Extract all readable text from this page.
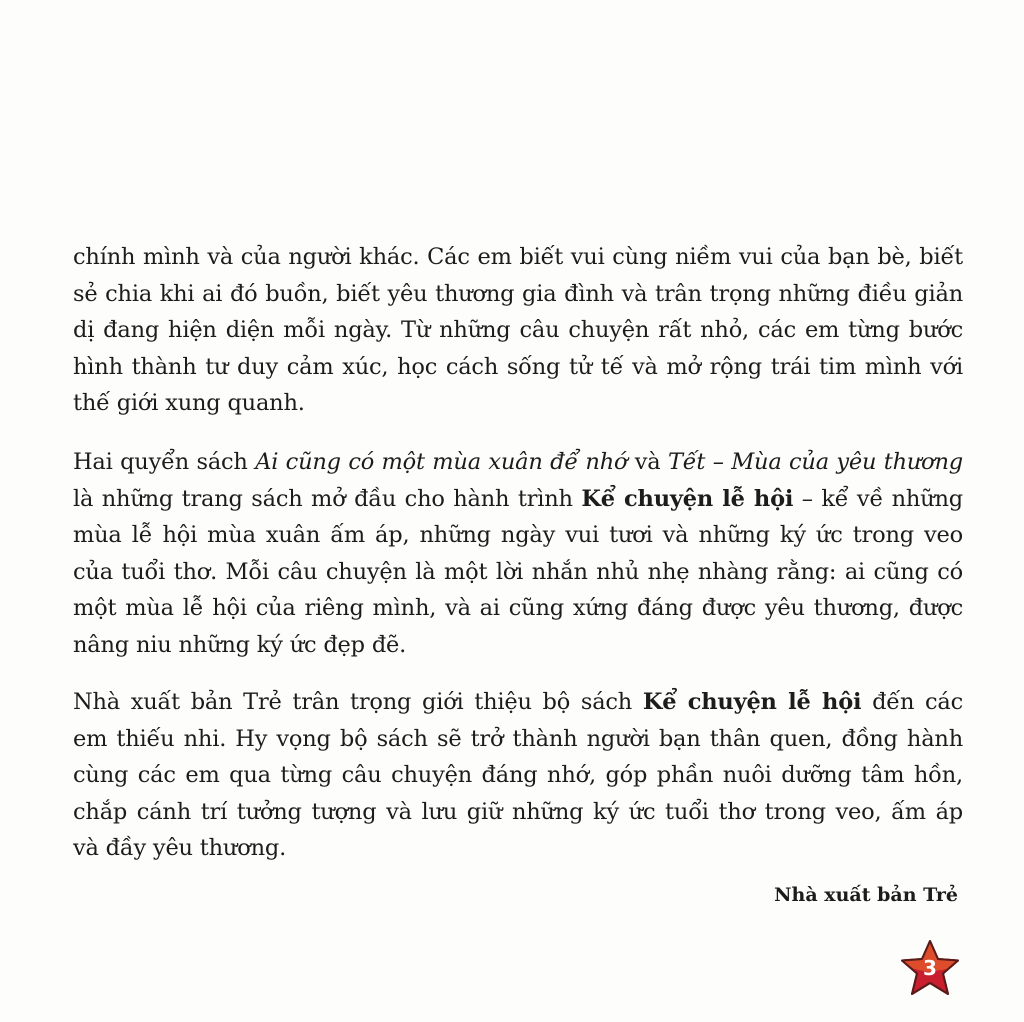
chính mình và của người khác. Các em biết vui cùng niềm vui của bạn bè, biết
sẻ chia khi ai đó buồn, biết yêu thương gia đình và trân trọng những điều giản
dị đang hiện diện mỗi ngày. Từ những câu chuyện rất nhỏ, các em từng bước
hình thành tư duy cảm xúc, học cách sống tử tế và mở rộng trái tim mình với
thế giới xung quanh.

Hai quyển sách Ai cũng có một mùa xuân để nhớ và Tết – Mùa của yêu thương
là những trang sách mở đầu cho hành trình Kể chuyện lễ hội – kể về những
mùa lễ hội mùa xuân ấm áp, những ngày vui tươi và những ký ức trong veo
của tuổi thơ. Mỗi câu chuyện là một lời nhắn nhủ nhẹ nhàng rằng: ai cũng có
một mùa lễ hội của riêng mình, và ai cũng xứng đáng được yêu thương, được
nâng niu những ký ức đẹp đẽ.

Nhà xuất bản Trẻ trân trọng giới thiệu bộ sách Kể chuyện lễ hội đến các
em thiếu nhi. Hy vọng bộ sách sẽ trở thành người bạn thân quen, đồng hành
cùng các em qua từng câu chuyện đáng nhớ, góp phần nuôi dưỡng tâm hồn,
chắp cánh trí tưởng tượng và lưu giữ những ký ức tuổi thơ trong veo, ấm áp
và đầy yêu thương.

Nhà xuất bản Trẻ
3
